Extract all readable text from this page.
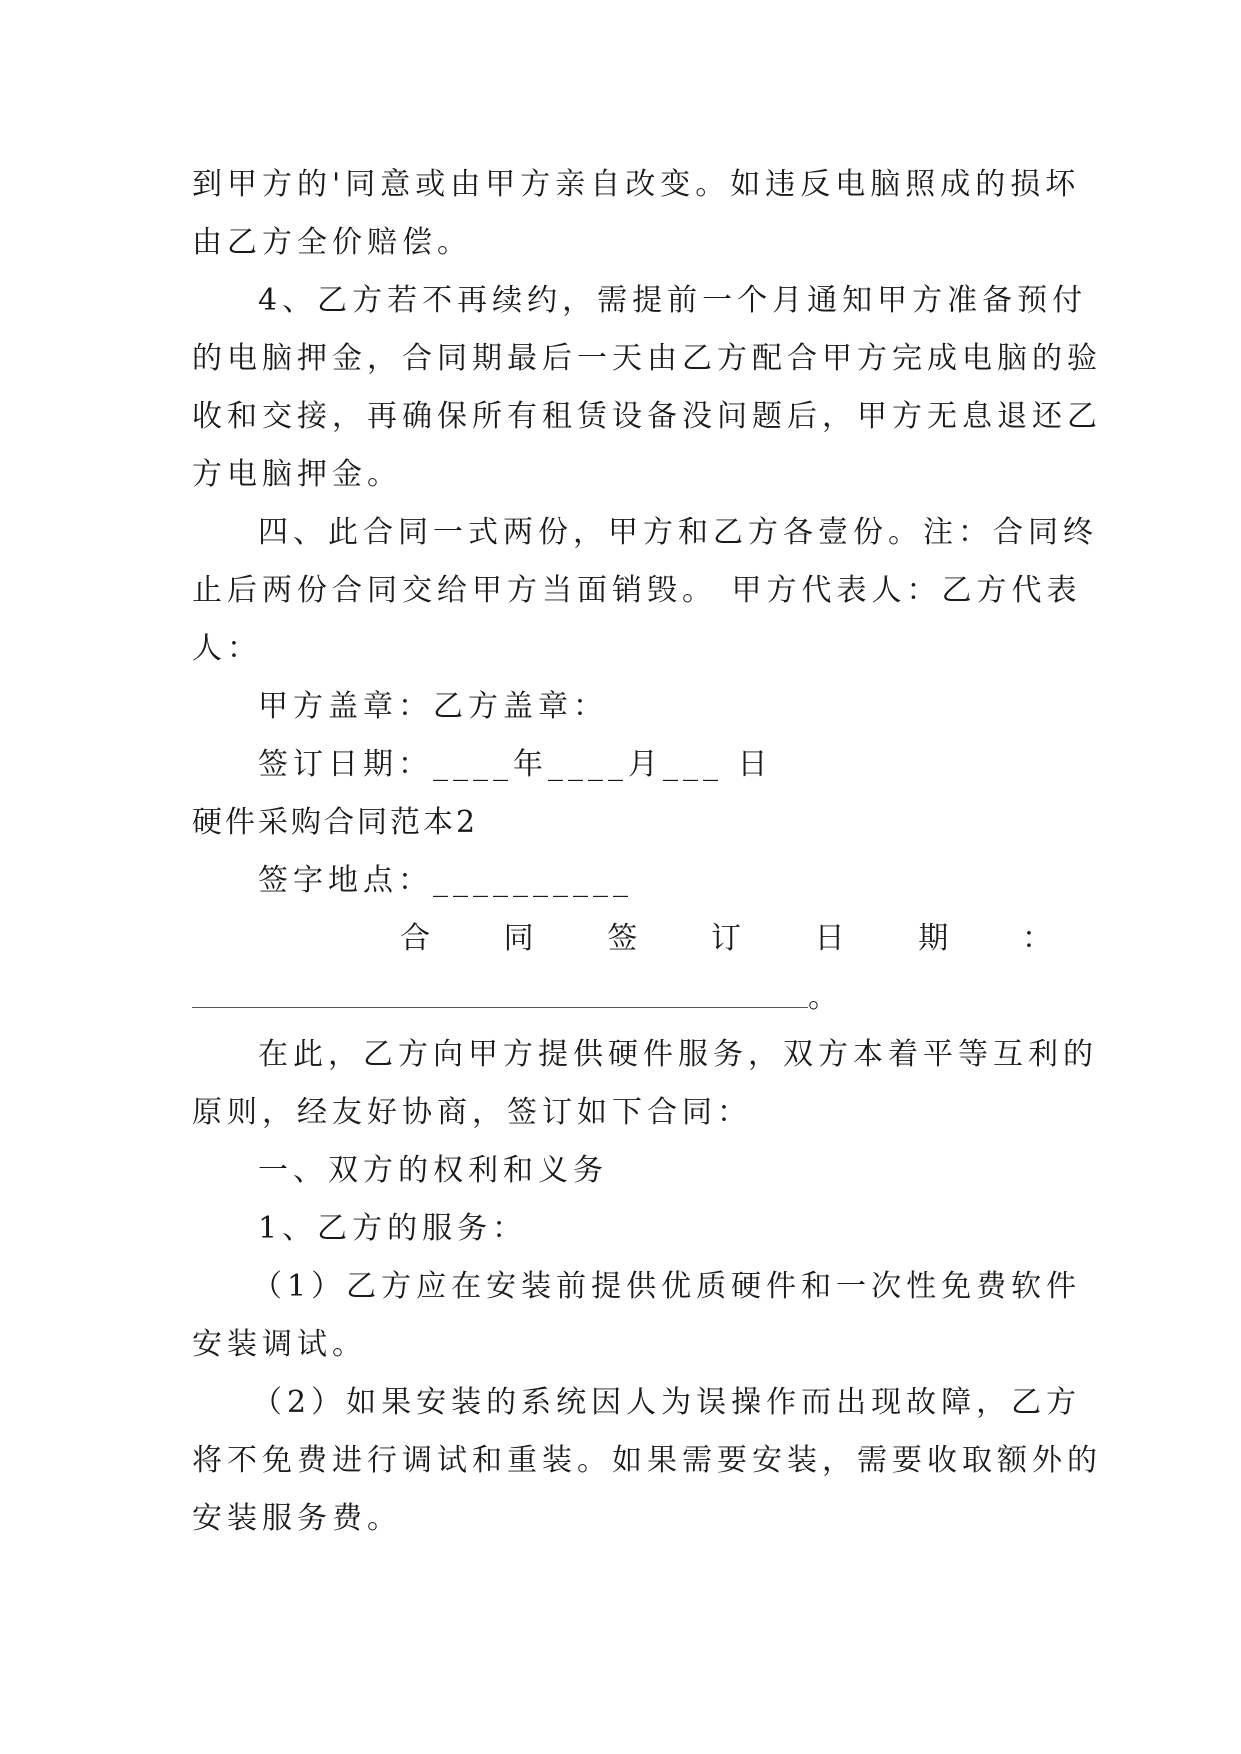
到甲方的'同意或由甲方亲自改变。如违反电脑照成的损坏
由乙方全价赔偿。
4、乙方若不再续约，需提前一个月通知甲方准备预付
的电脑押金，合同期最后一天由乙方配合甲方完成电脑的验
收和交接，再确保所有租赁设备没问题后，甲方无息退还乙
方电脑押金。
四、此合同一式两份，甲方和乙方各壹份。注：合同终
止后两份合同交给甲方当面销毁。 甲方代表人：乙方代表
人：
甲方盖章：乙方盖章：
签订日期：____年____月___ 日
硬件采购合同范本2
签字地点：__________
合 同 签 订 日 期 ：
。
在此，乙方向甲方提供硬件服务，双方本着平等互利的
原则，经友好协商，签订如下合同：
一、双方的权利和义务
1、乙方的服务：
（1）乙方应在安装前提供优质硬件和一次性免费软件
安装调试。
（2）如果安装的系统因人为误操作而出现故障，乙方
将不免费进行调试和重装。如果需要安装，需要收取额外的
安装服务费。
